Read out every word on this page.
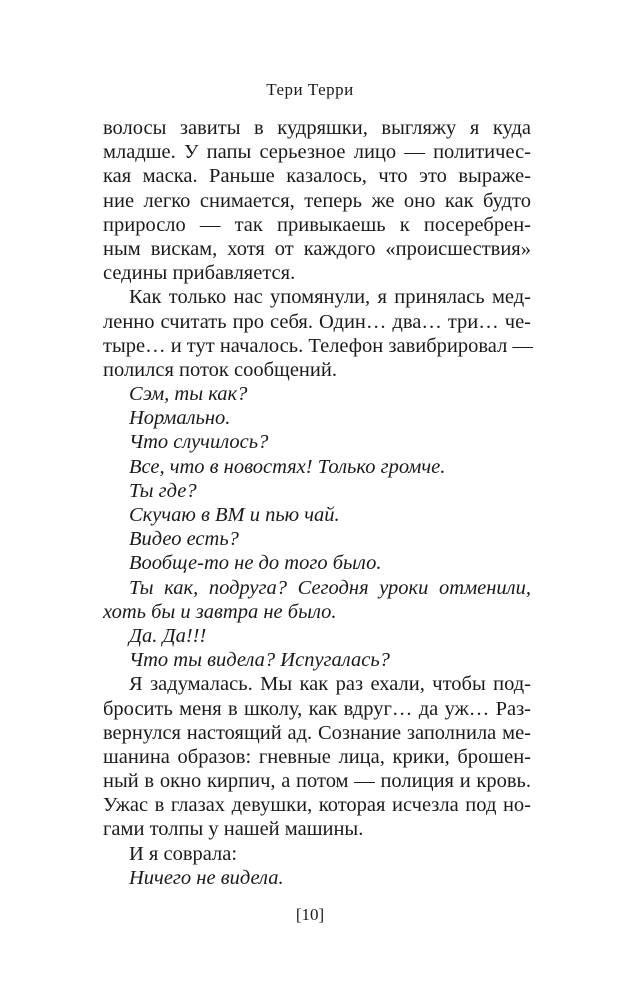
Тери Терри
волосы завиты в кудряшки, выгляжу я куда
младше. У папы серьезное лицо — политичес-
кая маска. Раньше казалось, что это выраже-
ние легко снимается, теперь же оно как будто
приросло — так привыкаешь к посеребрен-
ным вискам, хотя от каждого «происшествия»
седины прибавляется.
Как только нас упомянули, я принялась мед-
ленно считать про себя. Один… два… три… че-
тыре… и тут началось. Телефон завибрировал —
полился поток сообщений.
Сэм, ты как?
Нормально.
Что случилось?
Все, что в новостях! Только громче.
Ты где?
Скучаю в ВМ и пью чай.
Видео есть?
Вообще-то не до того было.
Ты как, подруга? Сегодня уроки отменили,
хоть бы и завтра не было.
Да. Да!!!
Что ты видела? Испугалась?
Я задумалась. Мы как раз ехали, чтобы под-
бросить меня в школу, как вдруг… да уж… Раз-
вернулся настоящий ад. Сознание заполнила ме-
шанина образов: гневные лица, крики, брошен-
ный в окно кирпич, а потом — полиция и кровь.
Ужас в глазах девушки, которая исчезла под но-
гами толпы у нашей машины.
И я соврала:
Ничего не видела.
[10]
